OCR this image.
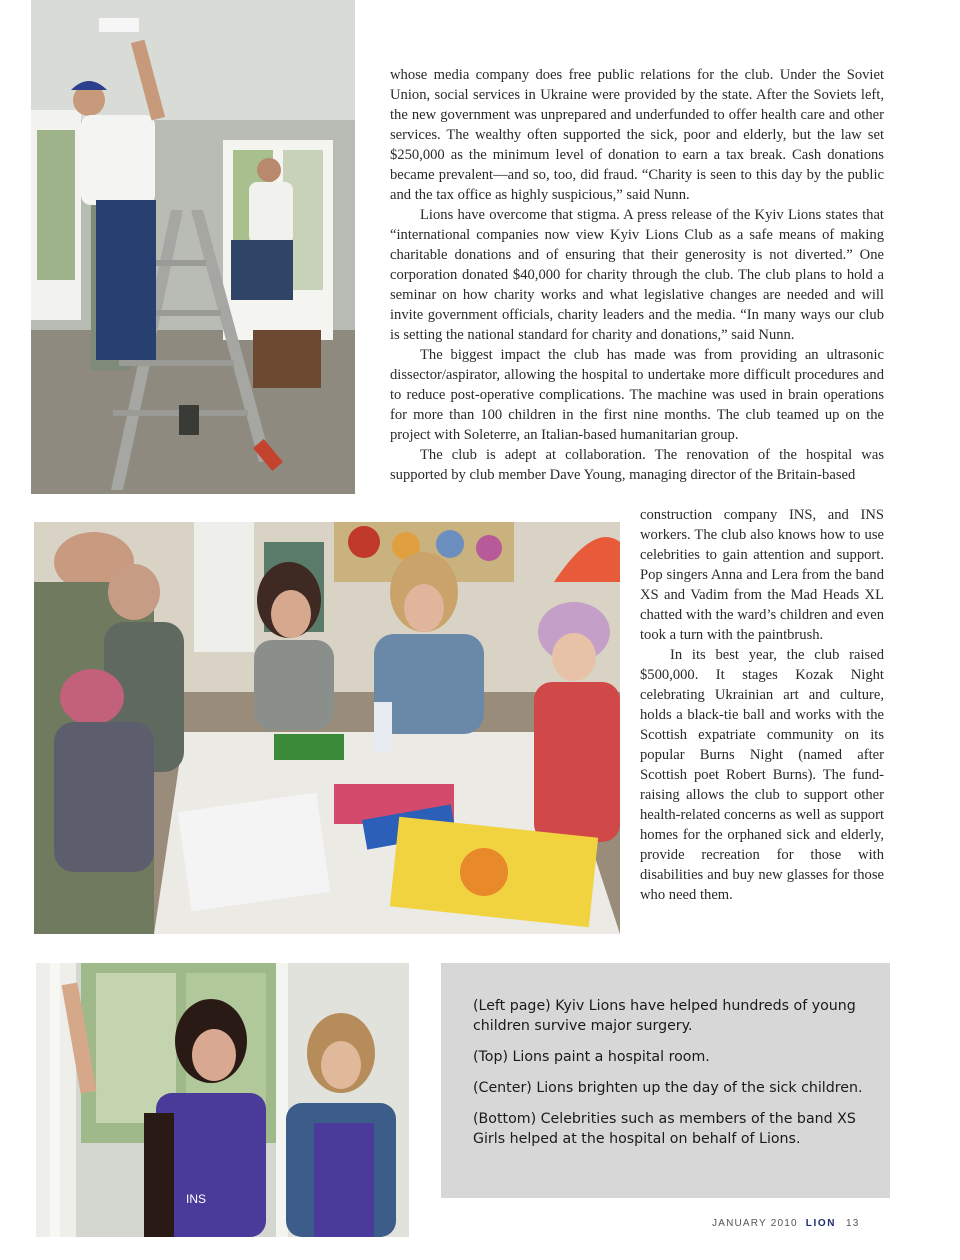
whose media company does free public relations for the club. Under the Soviet Union, social services in Ukraine were provided by the state. After the Soviets left, the new government was unprepared and underfunded to offer health care and other services. The wealthy often supported the sick, poor and elderly, but the law set $250,000 as the minimum level of donation to earn a tax break. Cash donations became prevalent—and so, too, did fraud. “Charity is seen to this day by the public and the tax office as highly suspicious,” said Nunn.

Lions have overcome that stigma. A press release of the Kyiv Lions states that “international companies now view Kyiv Lions Club as a safe means of making charitable donations and of ensuring that their generosity is not diverted.” One corporation donated $40,000 for charity through the club. The club plans to hold a seminar on how charity works and what legislative changes are needed and will invite government officials, charity leaders and the media. “In many ways our club is setting the national standard for charity and donations,” said Nunn.

The biggest impact the club has made was from providing an ultrasonic dissector/aspirator, allowing the hospital to undertake more difficult procedures and to reduce post-operative complications. The machine was used in brain operations for more than 100 children in the first nine months. The club teamed up on the project with Soleterre, an Italian-based humanitarian group.

The club is adept at collaboration. The renovation of the hospital was supported by club member Dave Young, managing director of the Britain-based

construction company INS, and INS workers. The club also knows how to use celebrities to gain attention and support. Pop singers Anna and Lera from the band XS and Vadim from the Mad Heads XL chatted with the ward’s children and even took a turn with the paintbrush.

In its best year, the club raised $500,000. It stages Kozak Night celebrating Ukrainian art and culture, holds a black-tie ball and works with the Scottish expatriate community on its popular Burns Night (named after Scottish poet Robert Burns). The fund-raising allows the club to support other health-related concerns as well as support homes for the orphaned sick and elderly, provide recreation for those with disabilities and buy new glasses for those who need them.

INS

(Left page) Kyiv Lions have helped hundreds of young children survive major surgery.

(Top) Lions paint a hospital room.

(Center) Lions brighten up the day of the sick children.

(Bottom) Celebrities such as members of the band XS Girls helped at the hospital on behalf of Lions.

JANUARY 2010 LION 13
